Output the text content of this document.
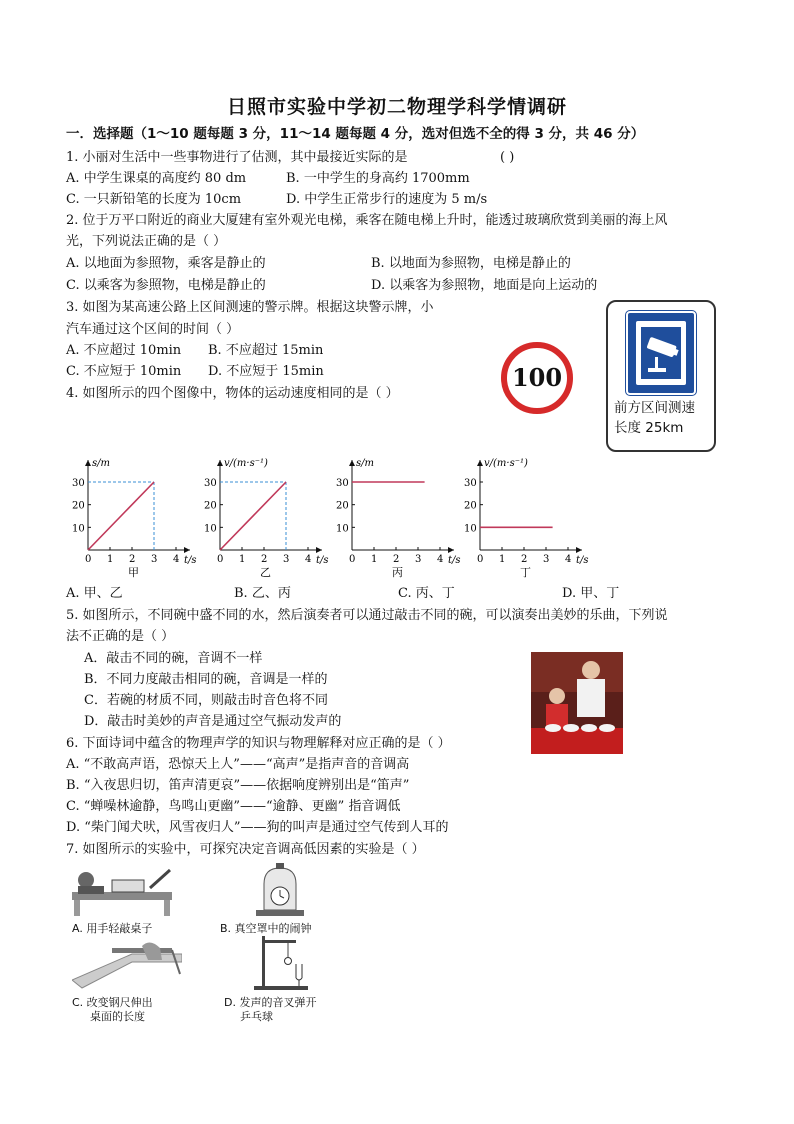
日照市实验中学初二物理学科学情调研
一．选择题（1～10 题每题 3 分，11～14 题每题 4 分，选对但选不全的得 3 分，共 46 分）
1. 小丽对生活中一些事物进行了估测，其中最接近实际的是	( )
A. 中学生课桌的高度约 80 dm	B. 一中学生的身高约 1700mm
C. 一只新铅笔的长度为 10cm	D. 中学生正常步行的速度为 5 m/s
2. 位于万平口附近的商业大厦建有室外观光电梯，乘客在随电梯上升时，能透过玻璃欣赏到美丽的海上风
光，下列说法正确的是（ ）
A. 以地面为参照物，乘客是静止的	B. 以地面为参照物，电梯是静止的
C. 以乘客为参照物，电梯是静止的	D. 以乘客为参照物，地面是向上运动的
3. 如图为某高速公路上区间测速的警示牌。根据这块警示牌，小
汽车通过这个区间的时间（ ）
A. 不应超过 10min B. 不应超过 15min
C. 不应短于 10min D. 不应短于 15min	100
前方区间测速
长度 25km
4. 如图所示的四个图像中，物体的运动速度相同的是（ ）
s/m
t/s
0 1 2 3 4
10
20
30
甲
v/(m·s⁻¹)
t/s
0 1 2 3 4
10
20
30
乙
s/m
t/s
0 1 2 3 4
10
20
30
丙
v/(m·s⁻¹)
t/s
0 1 2 3 4
10
20
30
丁
A. 甲、乙	B. 乙、丙	C. 丙、丁	D. 甲、丁
5. 如图所示，不同碗中盛不同的水，然后演奏者可以通过敲击不同的碗，可以演奏出美妙的乐曲，下列说
法不正确的是（ ）
A．敲击不同的碗，音调不一样
B．不同力度敲击相同的碗，音调是一样的
C．若碗的材质不同，则敲击时音色将不同
D．敲击时美妙的声音是通过空气振动发声的
6. 下面诗词中蕴含的物理声学的知识与物理解释对应正确的是（ ）
A. “不敢高声语，恐惊天上人”——“高声”是指声音的音调高
B. “入夜思归切，笛声清更哀”——依据响度辨别出是“笛声”
C. “蝉噪林逾静，鸟鸣山更幽”——“逾静、更幽” 指音调低
D. “柴门闻犬吠，风雪夜归人”——狗的叫声是通过空气传到人耳的
7. 如图所示的实验中，可探究决定音调高低因素的实验是（ ）
A. 用手轻敲桌子	B. 真空罩中的闹钟
C. 改变钢尺伸出
桌面的长度
D. 发声的音叉弹开
乒乓球
